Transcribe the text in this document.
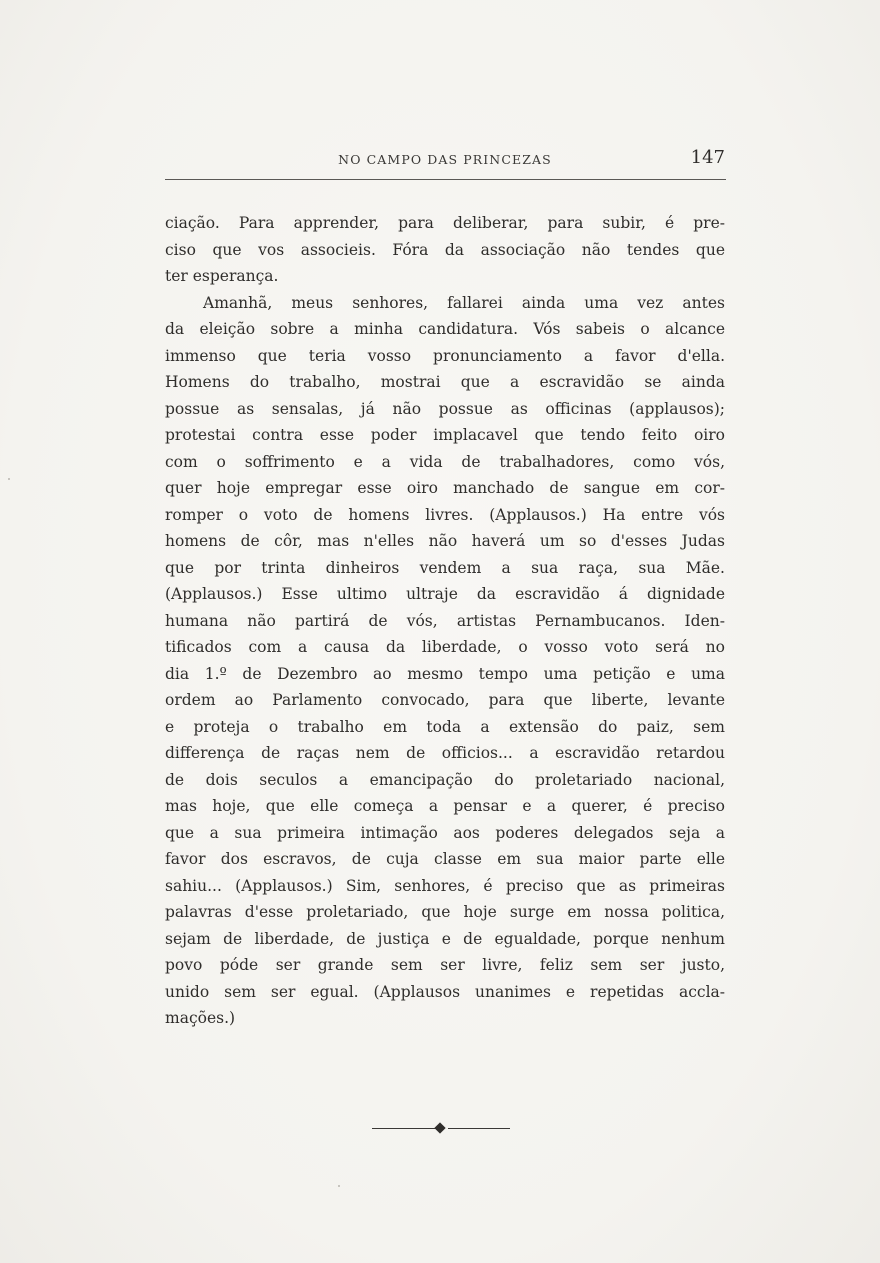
NO CAMPO DAS PRINCEZAS	147
ciação. Para apprender, para deliberar, para subir, é pre-
ciso que vos associeis. Fóra da associação não tendes que
ter esperança.
Amanhã, meus senhores, fallarei ainda uma vez antes
da eleição sobre a minha candidatura. Vós sabeis o alcance
immenso que teria vosso pronunciamento a favor d'ella.
Homens do trabalho, mostrai que a escravidão se ainda
possue as sensalas, já não possue as officinas (applausos);
protestai contra esse poder implacavel que tendo feito oiro
com o soffrimento e a vida de trabalhadores, como vós,
quer hoje empregar esse oiro manchado de sangue em cor-
romper o voto de homens livres. (Applausos.) Ha entre vós
homens de côr, mas n'elles não haverá um so d'esses Judas
que por trinta dinheiros vendem a sua raça, sua Mãe.
(Applausos.) Esse ultimo ultraje da escravidão á dignidade
humana não partirá de vós, artistas Pernambucanos. Iden-
tificados com a causa da liberdade, o vosso voto será no
dia 1.º de Dezembro ao mesmo tempo uma petição e uma
ordem ao Parlamento convocado, para que liberte, levante
e proteja o trabalho em toda a extensão do paiz, sem
differença de raças nem de officios... a escravidão retardou
de dois seculos a emancipação do proletariado nacional,
mas hoje, que elle começa a pensar e a querer, é preciso
que a sua primeira intimação aos poderes delegados seja a
favor dos escravos, de cuja classe em sua maior parte elle
sahiu... (Applausos.) Sim, senhores, é preciso que as primeiras
palavras d'esse proletariado, que hoje surge em nossa politica,
sejam de liberdade, de justiça e de egualdade, porque nenhum
povo póde ser grande sem ser livre, feliz sem ser justo,
unido sem ser egual. (Applausos unanimes e repetidas accla-
mações.)
